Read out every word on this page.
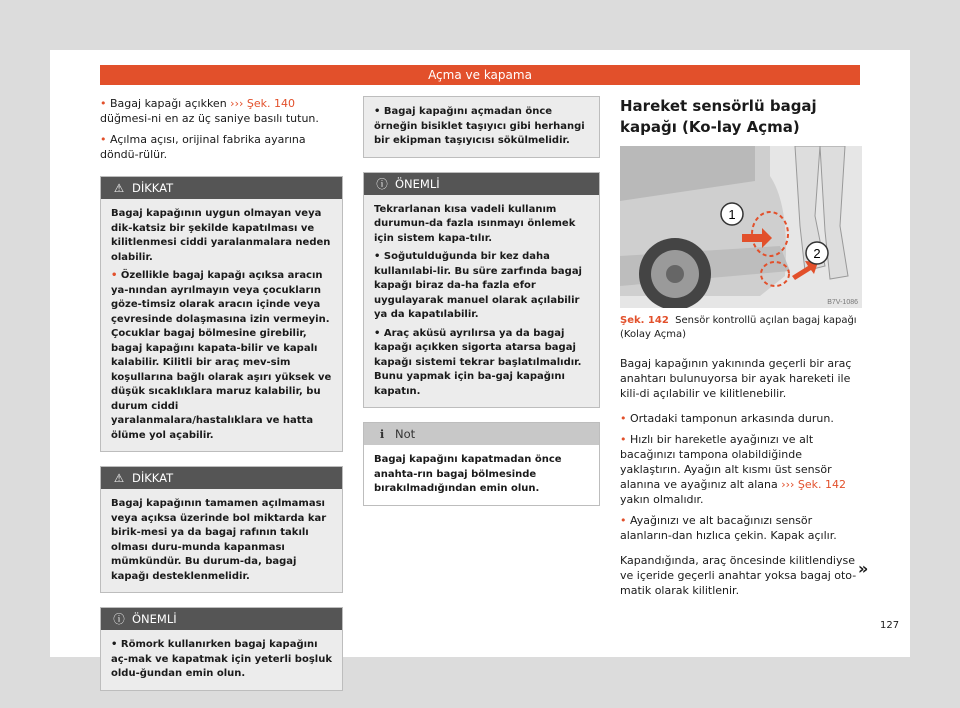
Açma ve kapama

• Bagaj kapağı açıkken ››› Şek. 140 düğmesi-ni en az üç saniye basılı tutun.

• Açılma açısı, orijinal fabrika ayarına döndü-rülür.

⚠ DİKKAT

Bagaj kapağının uygun olmayan veya dik-katsiz bir şekilde kapatılması ve kilitlenmesi ciddi yaralanmalara neden olabilir.

• Özellikle bagaj kapağı açıksa aracın ya-nından ayrılmayın veya çocukların göze-timsiz olarak aracın içinde veya çevresinde dolaşmasına izin vermeyin. Çocuklar bagaj bölmesine girebilir, bagaj kapağını kapata-bilir ve kapalı kalabilir. Kilitli bir araç mev-sim koşullarına bağlı olarak aşırı yüksek ve düşük sıcaklıklara maruz kalabilir, bu durum ciddi yaralanmalara/hastalıklara ve hatta ölüme yol açabilir.

⚠ DİKKAT

Bagaj kapağının tamamen açılmaması veya açıksa üzerinde bol miktarda kar birik-mesi ya da bagaj rafının takılı olması duru-munda kapanması mümkündür. Bu durum-da, bagaj kapağı desteklenmelidir.

ⓘ ÖNEMLİ

• Römork kullanırken bagaj kapağını aç-mak ve kapatmak için yeterli boşluk oldu-ğundan emin olun.

• Bagaj kapağını açmadan önce örneğin bisiklet taşıyıcı gibi herhangi bir ekipman taşıyıcısı sökülmelidir.

ⓘ ÖNEMLİ

Tekrarlanan kısa vadeli kullanım durumun-da fazla ısınmayı önlemek için sistem kapa-tılır.

• Soğutulduğunda bir kez daha kullanılabi-lir. Bu süre zarfında bagaj kapağı biraz da-ha fazla efor uygulayarak manuel olarak açılabilir ya da kapatılabilir.

• Araç aküsü ayrılırsa ya da bagaj kapağı açıkken sigorta atarsa bagaj kapağı sistemi tekrar başlatılmalıdır. Bunu yapmak için ba-gaj kapağını kapatın.

ℹ Not

Bagaj kapağını kapatmadan önce anahta-rın bagaj bölmesinde bırakılmadığından emin olun.

Hareket sensörlü bagaj kapağı (Ko-lay Açma)
1
2
B7V-1086
Şek. 142 Sensör kontrollü açılan bagaj kapağı (Kolay Açma)

Bagaj kapağının yakınında geçerli bir araç anahtarı bulunuyorsa bir ayak hareketi ile kili-di açılabilir ve kilitlenebilir.

• Ortadaki tamponun arkasında durun.

• Hızlı bir hareketle ayağınızı ve alt bacağınızı tampona olabildiğinde yaklaştırın. Ayağın alt kısmı üst sensör alanına ve ayağınız alt alana ››› Şek. 142 yakın olmalıdır.

• Ayağınızı ve alt bacağınızı sensör alanların-dan hızlıca çekin. Kapak açılır.

Kapandığında, araç öncesinde kilitlendiyse ve içeride geçerli anahtar yoksa bagaj oto-matik olarak kilitlenir.

»
127
